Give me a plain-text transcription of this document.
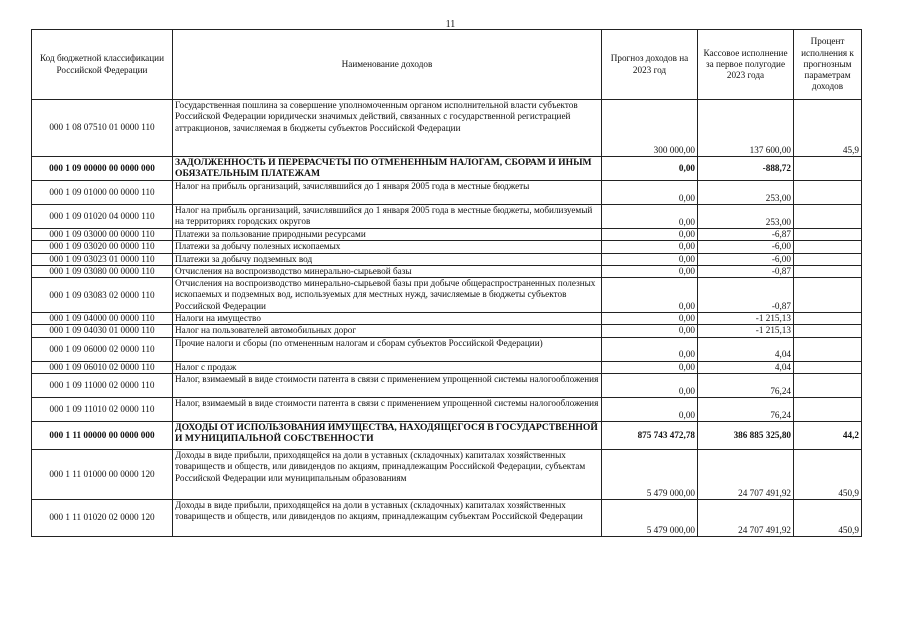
11
Код бюджетной классификации Российской Федерации	Наименование доходов	Прогноз доходов на 2023 год	Кассовое исполнение за первое полугодие 2023 года	Процент исполнения к прогнозным параметрам доходов
000 1 08 07510 01 0000 110	Государственная пошлина за совершение уполномоченным органом исполнительной власти субъектов Российской Федерации юридически значимых действий, связанных с государственной регистрацией аттракционов, зачисляемая в бюджеты субъектов Российской Федерации	300 000,00	137 600,00	45,9
000 1 09 00000 00 0000 000	ЗАДОЛЖЕННОСТЬ И ПЕРЕРАСЧЕТЫ ПО ОТМЕНЕННЫМ НАЛОГАМ, СБОРАМ И ИНЫМ ОБЯЗАТЕЛЬНЫМ ПЛАТЕЖАМ	0,00	-888,72	
000 1 09 01000 00 0000 110	Налог на прибыль организаций, зачислявшийся до 1 января 2005 года в местные бюджеты	0,00	253,00	
000 1 09 01020 04 0000 110	Налог на прибыль организаций, зачислявшийся до 1 января 2005 года в местные бюджеты, мобилизуемый на территориях городских округов	0,00	253,00	
000 1 09 03000 00 0000 110	Платежи за пользование природными ресурсами	0,00	-6,87	
000 1 09 03020 00 0000 110	Платежи за добычу полезных ископаемых	0,00	-6,00	
000 1 09 03023 01 0000 110	Платежи за добычу подземных вод	0,00	-6,00	
000 1 09 03080 00 0000 110	Отчисления на воспроизводство минерально-сырьевой базы	0,00	-0,87	
000 1 09 03083 02 0000 110	Отчисления на воспроизводство минерально-сырьевой базы при добыче общераспространенных полезных ископаемых и подземных вод, используемых для местных нужд, зачисляемые в бюджеты субъектов Российской Федерации	0,00	-0,87	
000 1 09 04000 00 0000 110	Налоги на имущество	0,00	-1 215,13	
000 1 09 04030 01 0000 110	Налог на пользователей автомобильных дорог	0,00	-1 215,13	
000 1 09 06000 02 0000 110	Прочие налоги и сборы (по отмененным налогам и сборам субъектов Российской Федерации)	0,00	4,04	
000 1 09 06010 02 0000 110	Налог с продаж	0,00	4,04	
000 1 09 11000 02 0000 110	Налог, взимаемый в виде стоимости патента в связи с применением упрощенной системы налогообложения	0,00	76,24	
000 1 09 11010 02 0000 110	Налог, взимаемый в виде стоимости патента в связи с применением упрощенной системы налогообложения	0,00	76,24	
000 1 11 00000 00 0000 000	ДОХОДЫ ОТ ИСПОЛЬЗОВАНИЯ ИМУЩЕСТВА, НАХОДЯЩЕГОСЯ В ГОСУДАРСТВЕННОЙ И МУНИЦИПАЛЬНОЙ СОБСТВЕННОСТИ	875 743 472,78	386 885 325,80	44,2
000 1 11 01000 00 0000 120	Доходы в виде прибыли, приходящейся на доли в уставных (складочных) капиталах хозяйственных товариществ и обществ, или дивидендов по акциям, принадлежащим Российской Федерации, субъектам Российской Федерации или муниципальным образованиям	5 479 000,00	24 707 491,92	450,9
000 1 11 01020 02 0000 120	Доходы в виде прибыли, приходящейся на доли в уставных (складочных) капиталах хозяйственных товариществ и обществ, или дивидендов по акциям, принадлежащим субъектам Российской Федерации	5 479 000,00	24 707 491,92	450,9
